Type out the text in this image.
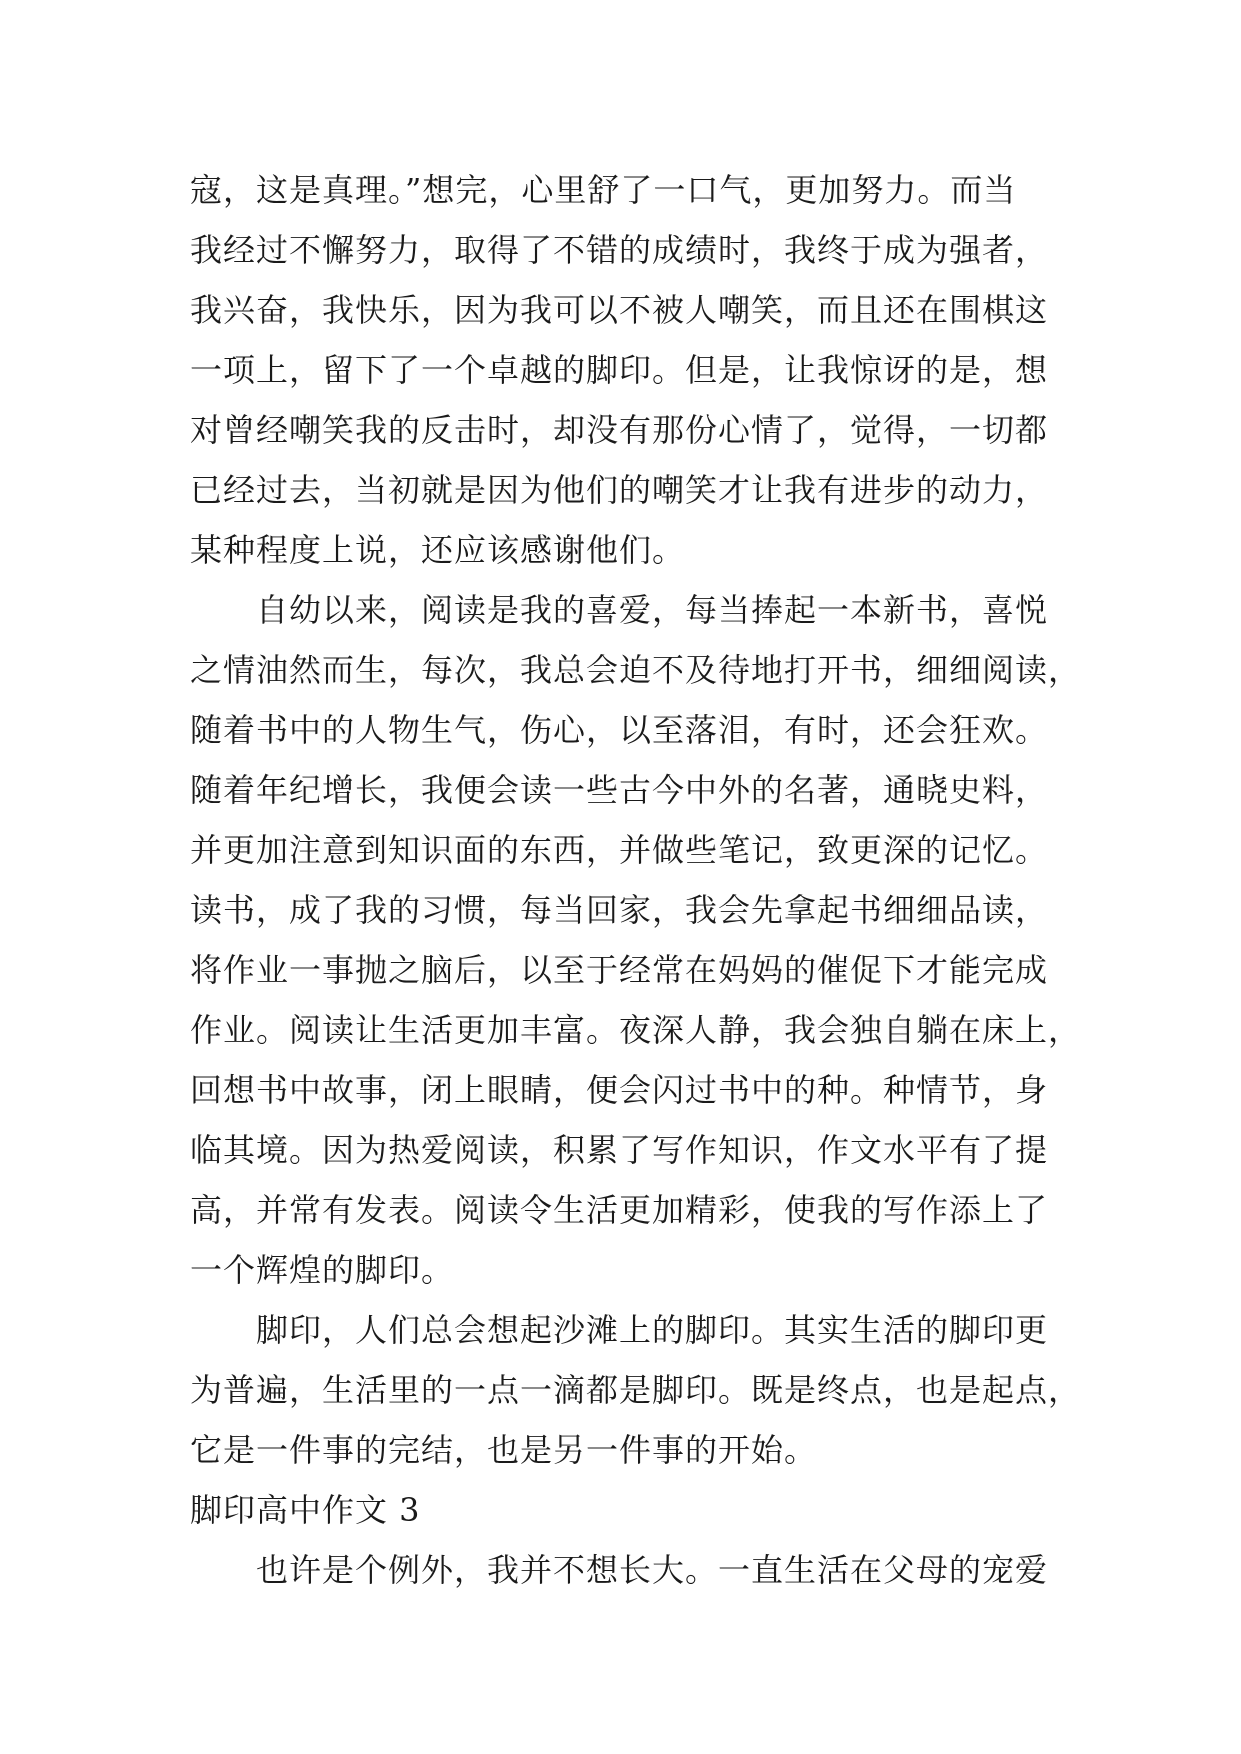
寇，这是真理。”想完，心里舒了一口气，更加努力。而当
我经过不懈努力，取得了不错的成绩时，我终于成为强者，
我兴奋，我快乐，因为我可以不被人嘲笑，而且还在围棋这
一项上，留下了一个卓越的脚印。但是，让我惊讶的是，想
对曾经嘲笑我的反击时，却没有那份心情了，觉得，一切都
已经过去，当初就是因为他们的嘲笑才让我有进步的动力，
某种程度上说，还应该感谢他们。
自幼以来，阅读是我的喜爱，每当捧起一本新书，喜悦
之情油然而生，每次，我总会迫不及待地打开书，细细阅读，
随着书中的人物生气，伤心，以至落泪，有时，还会狂欢。
随着年纪增长，我便会读一些古今中外的名著，通晓史料，
并更加注意到知识面的东西，并做些笔记，致更深的记忆。
读书，成了我的习惯，每当回家，我会先拿起书细细品读，
将作业一事抛之脑后，以至于经常在妈妈的催促下才能完成
作业。阅读让生活更加丰富。夜深人静，我会独自躺在床上，
回想书中故事，闭上眼睛，便会闪过书中的种。种情节，身
临其境。因为热爱阅读，积累了写作知识，作文水平有了提
高，并常有发表。阅读令生活更加精彩，使我的写作添上了
一个辉煌的脚印。
脚印，人们总会想起沙滩上的脚印。其实生活的脚印更
为普遍，生活里的一点一滴都是脚印。既是终点，也是起点，
它是一件事的完结，也是另一件事的开始。
脚印高中作文 3
也许是个例外，我并不想长大。一直生活在父母的宠爱
